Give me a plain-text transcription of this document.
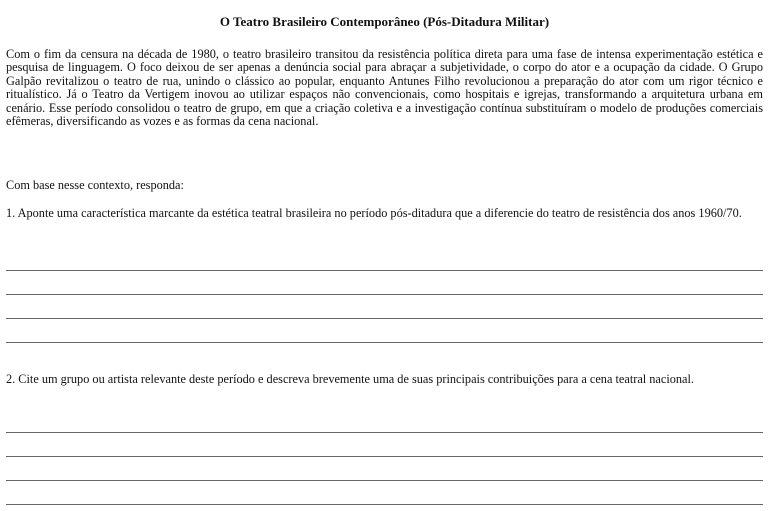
O Teatro Brasileiro Contemporâneo (Pós-Ditadura Militar)

Com o fim da censura na década de 1980, o teatro brasileiro transitou da resistência política direta para uma fase de intensa experimentação estética e pesquisa de linguagem. O foco deixou de ser apenas a denúncia social para abraçar a subjetividade, o corpo do ator e a ocupação da cidade. O Grupo Galpão revitalizou o teatro de rua, unindo o clássico ao popular, enquanto Antunes Filho revolucionou a preparação do ator com um rigor técnico e ritualístico. Já o Teatro da Vertigem inovou ao utilizar espaços não convencionais, como hospitais e igrejas, transformando a arquitetura urbana em cenário. Esse período consolidou o teatro de grupo, em que a criação coletiva e a investigação contínua substituíram o modelo de produções comerciais efêmeras, diversificando as vozes e as formas da cena nacional.

Com base nesse contexto, responda:

1. Aponte uma característica marcante da estética teatral brasileira no período pós-ditadura que a diferencie do teatro de resistência dos anos 1960/70.

2. Cite um grupo ou artista relevante deste período e descreva brevemente uma de suas principais contribuições para a cena teatral nacional.
